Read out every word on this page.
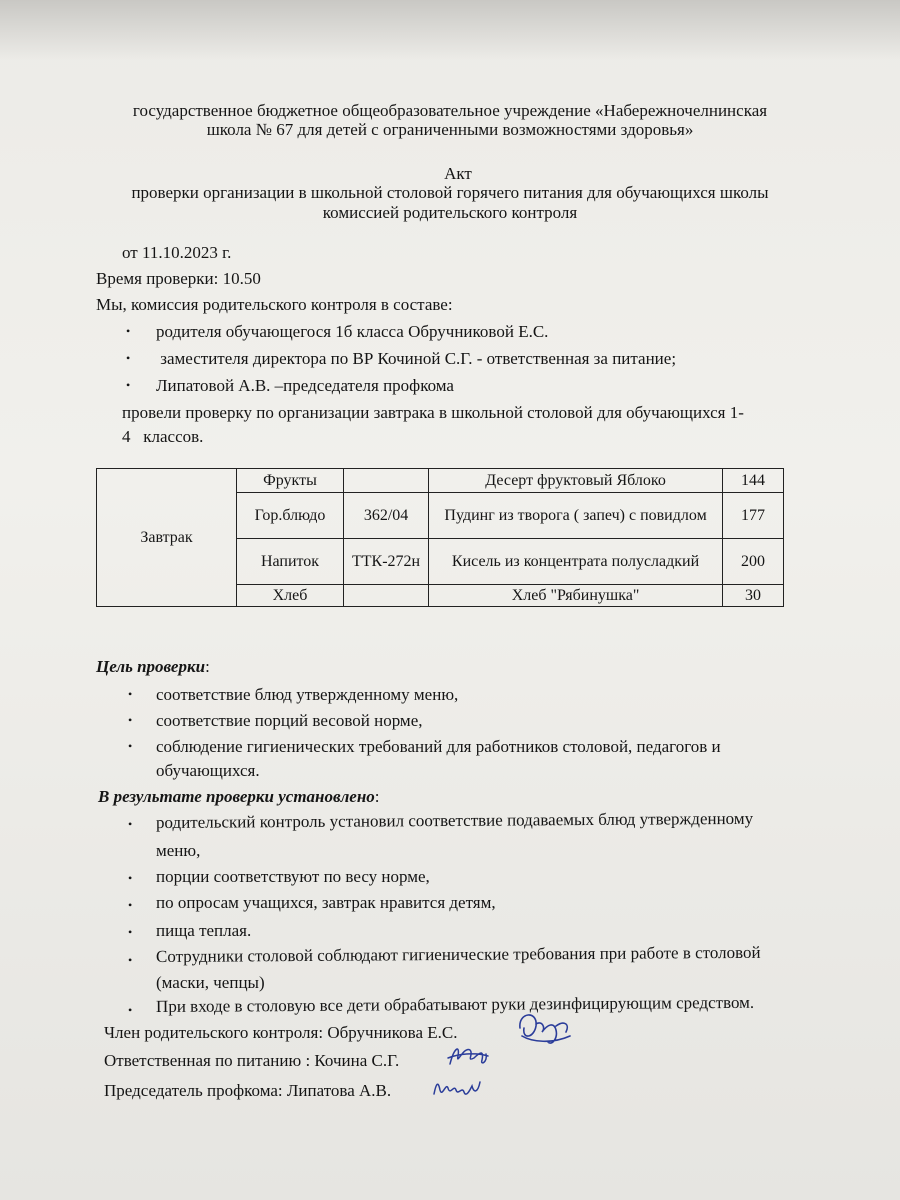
государственное бюджетное общеобразовательное учреждение «Набережночелнинская
школа № 67 для детей с ограниченными возможностями здоровья»
Акт
проверки организации в школьной столовой горячего питания для обучающихся школы
комиссией родительского контроля
от 11.10.2023 г.
Время проверки: 10.50
Мы, комиссия родительского контроля в составе:
• родителя обучающегося 1б класса Обручниковой Е.С.
• заместителя директора по ВР Кочиной С.Г. - ответственная за питание;
• Липатовой А.В. –председателя профкома
провели проверку по организации завтрака в школьной столовой для обучающихся 1-
4   классов.
Завтрак	Фрукты		Десерт фруктовый Яблоко	144
	Гор.блюдо	362/04	Пудинг из творога ( запеч) с повидлом	177
	Напиток	ТТК-272н	Кисель из концентрата полусладкий	200
	Хлеб		Хлеб "Рябинушка"	30
Цель проверки:
• соответствие блюд утвержденному меню,
• соответствие порций весовой норме,
• соблюдение гигиенических требований для работников столовой, педагогов и
обучающихся.
В результате проверки установлено:
• родительский контроль установил соответствие подаваемых блюд утвержденному
меню,
• порции соответствуют по весу норме,
• по опросам учащихся, завтрак нравится детям,
• пища теплая.
• Сотрудники столовой соблюдают гигиенические требования при работе в столовой
(маски, чепцы)
• При входе в столовую все дети обрабатывают руки дезинфицирующим средством.
Член родительского контроля: Обручникова Е.С.
Ответственная по питанию : Кочина С.Г.
Председатель профкома: Липатова А.В.
